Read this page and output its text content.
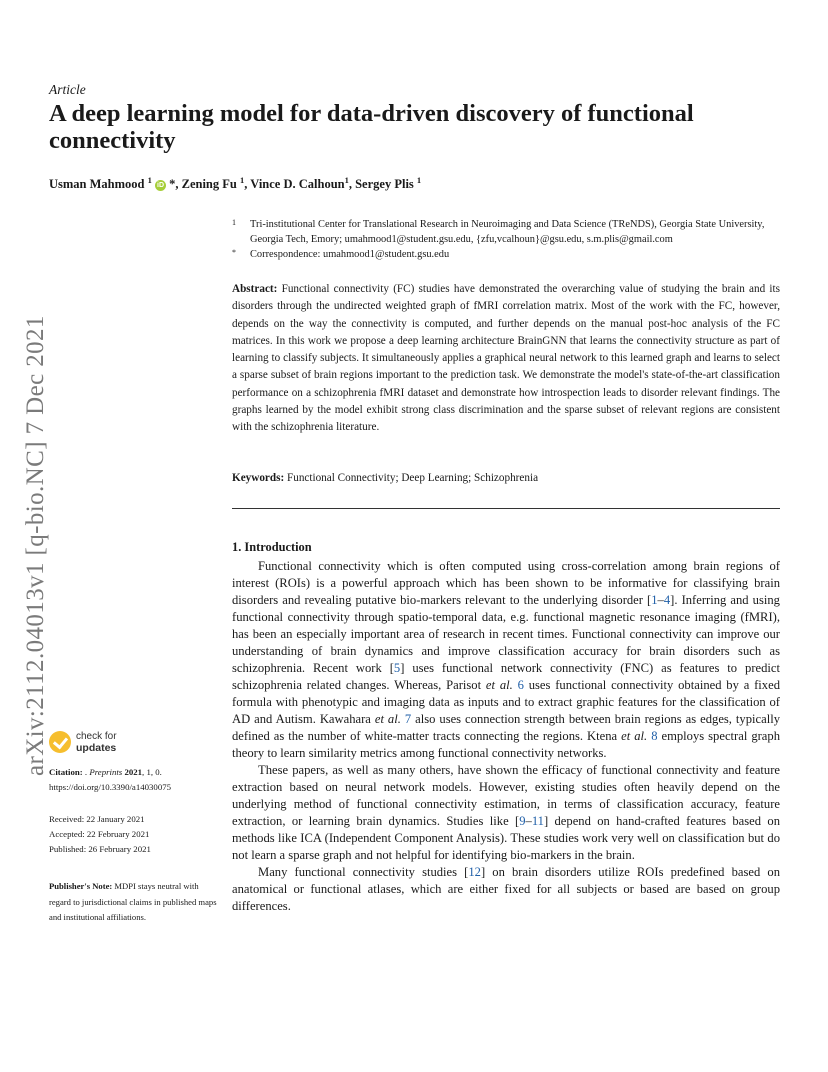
arXiv:2112.04013v1 [q-bio.NC] 7 Dec 2021
Article
A deep learning model for data-driven discovery of functional connectivity
Usman Mahmood $^1$ iD *, Zening Fu $^1$, Vince D. Calhoun$^1$, Sergey Plis $^1$
1 Tri-institutional Center for Translational Research in Neuroimaging and Data Science (TReNDS), Georgia State University, Georgia Tech, Emory; umahmood1@student.gsu.edu, {zfu,vcalhoun}@gsu.edu, s.m.plis@gmail.com
* Correspondence: umahmood1@student.gsu.edu

Abstract: Functional connectivity (FC) studies have demonstrated the overarching value of studying the brain and its disorders through the undirected weighted graph of fMRI correlation matrix. Most of the work with the FC, however, depends on the way the connectivity is computed, and further depends on the manual post-hoc analysis of the FC matrices. In this work we propose a deep learning architecture BrainGNN that learns the connectivity structure as part of learning to classify subjects. It simultaneously applies a graphical neural network to this learned graph and learns to select a sparse subset of brain regions important to the prediction task. We demonstrate the model's state-of-the-art classification performance on a schizophrenia fMRI dataset and demonstrate how introspection leads to disorder relevant findings. The graphs learned by the model exhibit strong class discrimination and the sparse subset of relevant regions are consistent with the schizophrenia literature.

Keywords: Functional Connectivity; Deep Learning; Schizophrenia

1. Introduction

Functional connectivity which is often computed using cross-correlation among brain regions of interest (ROIs) is a powerful approach which has been shown to be informative for classifying brain disorders and revealing putative bio-markers relevant to the underlying disorder [1–4]. Inferring and using functional connectivity through spatio-temporal data, e.g. functional magnetic resonance imaging (fMRI), has been an especially important area of research in recent times. Functional connectivity can improve our understanding of brain dynamics and improve classification accuracy for brain disorders such as schizophrenia. Recent work [5] uses functional network connectivity (FNC) as features to predict schizophrenia related changes. Whereas, Parisot et al. 6 uses functional connectivity obtained by a fixed formula with phenotypic and imaging data as inputs and to extract graphic features for the classification of AD and Autism. Kawahara et al. 7 also uses connection strength between brain regions as edges, typically defined as the number of white-matter tracts connecting the regions. Ktena et al. 8 employs spectral graph theory to learn similarity metrics among functional connectivity networks.

These papers, as well as many others, have shown the efficacy of functional connectivity and feature extraction based on neural network models. However, existing studies often heavily depend on the underlying method of functional connectivity estimation, in terms of classification accuracy, feature extraction, or learning brain dynamics. Studies like [9–11] depend on hand-crafted features based on methods like ICA (Independent Component Analysis). These studies work very well on classification but do not learn a sparse graph and not helpful for identifying bio-markers in the brain.

Many functional connectivity studies [12] on brain disorders utilize ROIs predefined based on anatomical or functional atlases, which are either fixed for all subjects or based are based on group differences.

check for
updates
Citation: . Preprints 2021, 1, 0.
https://doi.org/10.3390/a14030075
Received: 22 January 2021
Accepted: 22 February 2021
Published: 26 February 2021
Publisher's Note: MDPI stays neutral with regard to jurisdictional claims in published maps and institutional affiliations.
